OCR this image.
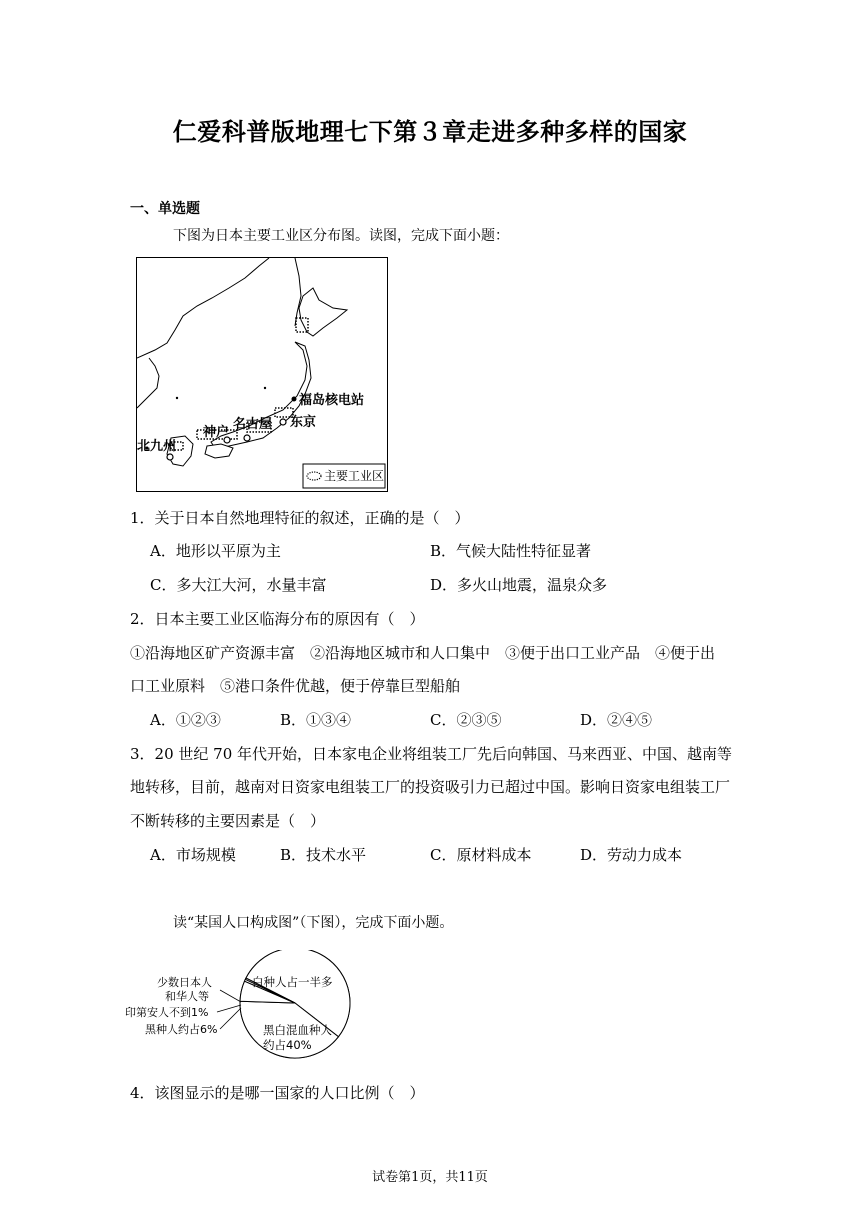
仁爱科普版地理七下第３章走进多种多样的国家
一、单选题
下图为日本主要工业区分布图。读图，完成下面小题：
福岛核电站
东京
名古屋
神户
北九州
主要工业区
1．关于日本自然地理特征的叙述，正确的是（　）
A．地形以平原为主	B．气候大陆性特征显著
C．多大江大河，水量丰富	D．多火山地震，温泉众多
2．日本主要工业区临海分布的原因有（　）
①沿海地区矿产资源丰富　②沿海地区城市和人口集中　③便于出口工业产品　④便于出
口工业原料　⑤港口条件优越，便于停靠巨型船舶
A．①②③	B．①③④	C．②③⑤	D．②④⑤
3．20 世纪 70 年代开始，日本家电企业将组装工厂先后向韩国、马来西亚、中国、越南等
地转移，目前，越南对日资家电组装工厂的投资吸引力已超过中国。影响日资家电组装工厂
不断转移的主要因素是（　）
A．市场规模	B．技术水平	C．原材料成本	D．劳动力成本
读“某国人口构成图”（下图），完成下面小题。
白种人占一半多
黑白混血种人
约占40%
少数日本人
和华人等
印第安人不到1%
黑种人约占6%
4．该图显示的是哪一国家的人口比例（　）
试卷第1页，共11页
